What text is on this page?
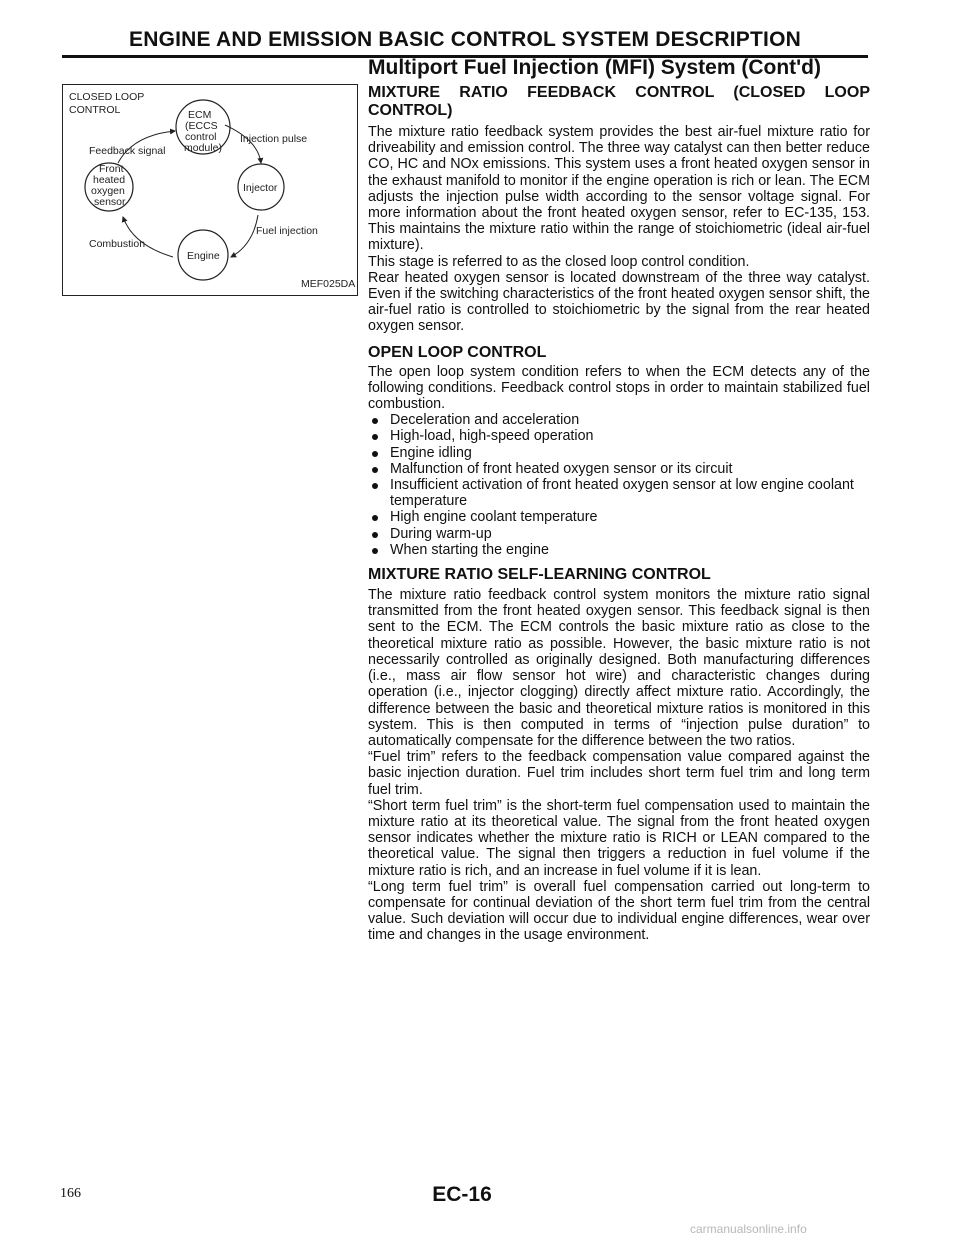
ENGINE AND EMISSION BASIC CONTROL SYSTEM DESCRIPTION
Multiport Fuel Injection (MFI) System (Cont'd)
CLOSED LOOP
CONTROL	ECM
(ECCS
control
module)
Feedback signal
Injection pulse
Front
heated
oxygen
sensor
Injector
Fuel injection
Combustion
Engine
MEF025DA

MIXTURE RATIO FEEDBACK CONTROL (CLOSED LOOP CONTROL)

The mixture ratio feedback system provides the best air-fuel mixture ratio for driveability and emission control. The three way catalyst can then better reduce CO, HC and NOx emissions. This system uses a front heated oxygen sensor in the exhaust manifold to monitor if the engine operation is rich or lean. The ECM adjusts the injection pulse width according to the sensor voltage signal. For more information about the front heated oxygen sensor, refer to EC-135, 153. This maintains the mixture ratio within the range of stoichiometric (ideal air-fuel mixture).

This stage is referred to as the closed loop control condition.

Rear heated oxygen sensor is located downstream of the three way catalyst. Even if the switching characteristics of the front heated oxygen sensor shift, the air-fuel ratio is controlled to stoichiometric by the signal from the rear heated oxygen sensor.

OPEN LOOP CONTROL

The open loop system condition refers to when the ECM detects any of the following conditions. Feedback control stops in order to maintain stabilized fuel combustion.

Deceleration and acceleration
High-load, high-speed operation
Engine idling
Malfunction of front heated oxygen sensor or its circuit
Insufficient activation of front heated oxygen sensor at low engine coolant temperature
High engine coolant temperature
During warm-up
When starting the engine

MIXTURE RATIO SELF-LEARNING CONTROL

The mixture ratio feedback control system monitors the mixture ratio signal transmitted from the front heated oxygen sensor. This feedback signal is then sent to the ECM. The ECM controls the basic mixture ratio as close to the theoretical mixture ratio as possible. However, the basic mixture ratio is not necessarily controlled as originally designed. Both manufacturing differences (i.e., mass air flow sensor hot wire) and characteristic changes during operation (i.e., injector clogging) directly affect mixture ratio. Accordingly, the difference between the basic and theoretical mixture ratios is monitored in this system. This is then computed in terms of “injection pulse duration” to automatically compensate for the difference between the two ratios.

“Fuel trim” refers to the feedback compensation value compared against the basic injection duration. Fuel trim includes short term fuel trim and long term fuel trim.

“Short term fuel trim” is the short-term fuel compensation used to maintain the mixture ratio at its theoretical value. The signal from the front heated oxygen sensor indicates whether the mixture ratio is RICH or LEAN compared to the theoretical value. The signal then triggers a reduction in fuel volume if the mixture ratio is rich, and an increase in fuel volume if it is lean.

“Long term fuel trim” is overall fuel compensation carried out long-term to compensate for continual deviation of the short term fuel trim from the central value. Such deviation will occur due to individual engine differences, wear over time and changes in the usage environment.

166	EC-16
carmanualsonline.info
